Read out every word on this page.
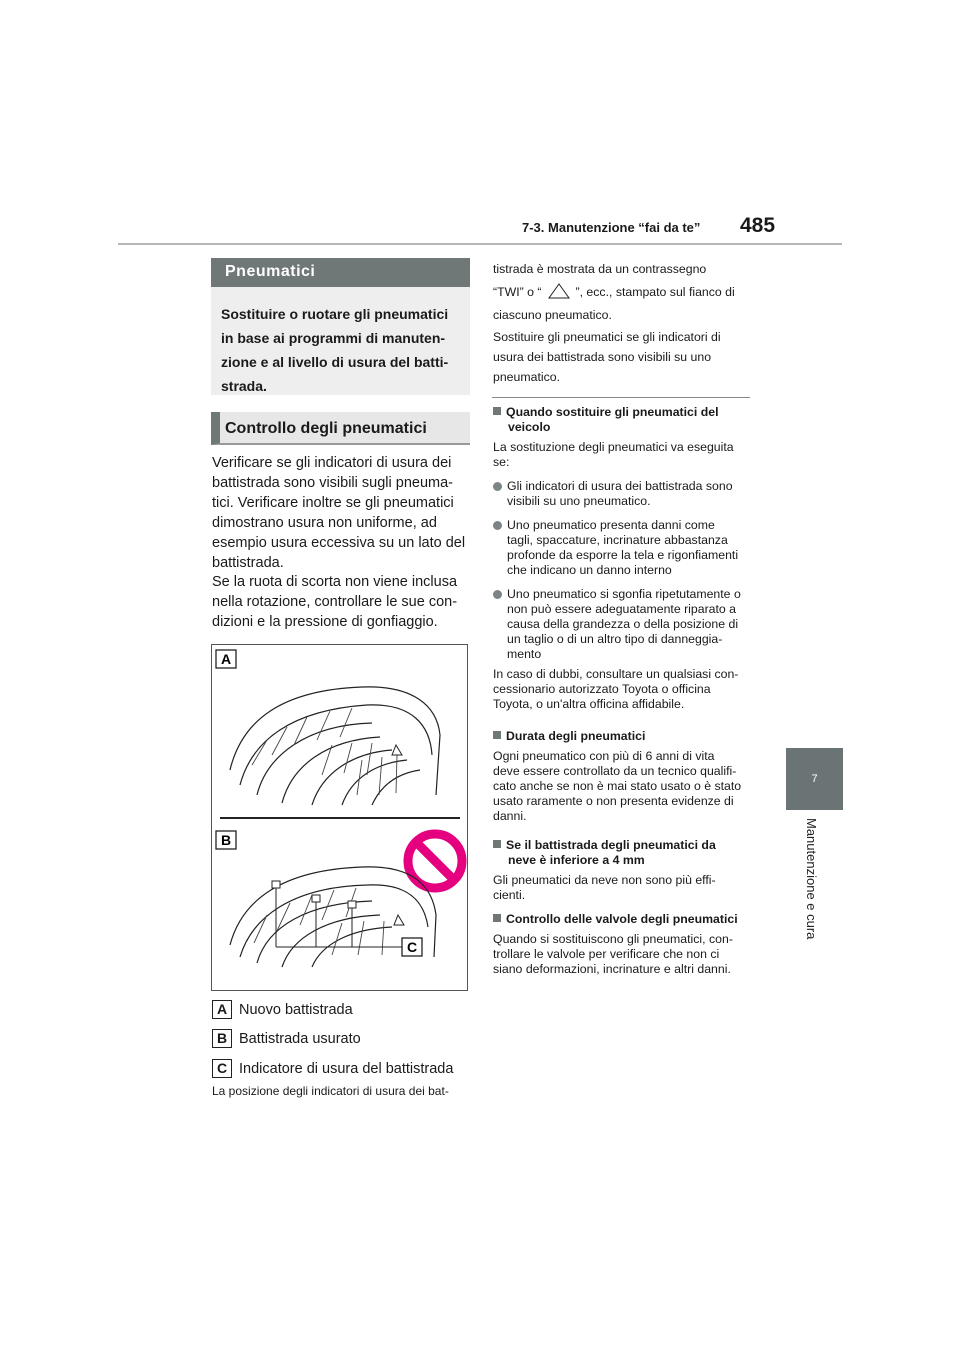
7-3. Manutenzione “fai da te” 485
7
Manutenzione e cura
Pneumatici
Sostituire o ruotare gli pneumatici
in base ai programmi di manuten-
zione e al livello di usura del batti-
strada.
Controllo degli pneumatici
Verificare se gli indicatori di usura dei
battistrada sono visibili sugli pneuma-
tici. Verificare inoltre se gli pneumatici
dimostrano usura non uniforme, ad
esempio usura eccessiva su un lato del
battistrada.
Se la ruota di scorta non viene inclusa
nella rotazione, controllare le sue con-
dizioni e la pressione di gonfiaggio.
A
B
C
A Nuovo battistrada
B Battistrada usurato
C Indicatore di usura del battistrada
La posizione degli indicatori di usura dei bat-
tistrada è mostrata da un contrassegno
“TWI” o “	”, ecc., stampato sul fianco di
ciascuno pneumatico.
Sostituire gli pneumatici se gli indicatori di
usura dei battistrada sono visibili su uno
pneumatico.
Quando sostituire gli pneumatici del
veicolo
La sostituzione degli pneumatici va eseguita
se:
Gli indicatori di usura dei battistrada sono
visibili su uno pneumatico.
Uno pneumatico presenta danni come
tagli, spaccature, incrinature abbastanza
profonde da esporre la tela e rigonfiamenti
che indicano un danno interno
Uno pneumatico si sgonfia ripetutamente o
non può essere adeguatamente riparato a
causa della grandezza o della posizione di
un taglio o di un altro tipo di danneggia-
mento
In caso di dubbi, consultare un qualsiasi con-
cessionario autorizzato Toyota o officina
Toyota, o un'altra officina affidabile.
Durata degli pneumatici
Ogni pneumatico con più di 6 anni di vita
deve essere controllato da un tecnico qualifi-
cato anche se non è mai stato usato o è stato
usato raramente o non presenta evidenze di
danni.
Se il battistrada degli pneumatici da
neve è inferiore a 4 mm
Gli pneumatici da neve non sono più effi-
cienti.
Controllo delle valvole degli pneumatici
Quando si sostituiscono gli pneumatici, con-
trollare le valvole per verificare che non ci
siano deformazioni, incrinature e altri danni.
